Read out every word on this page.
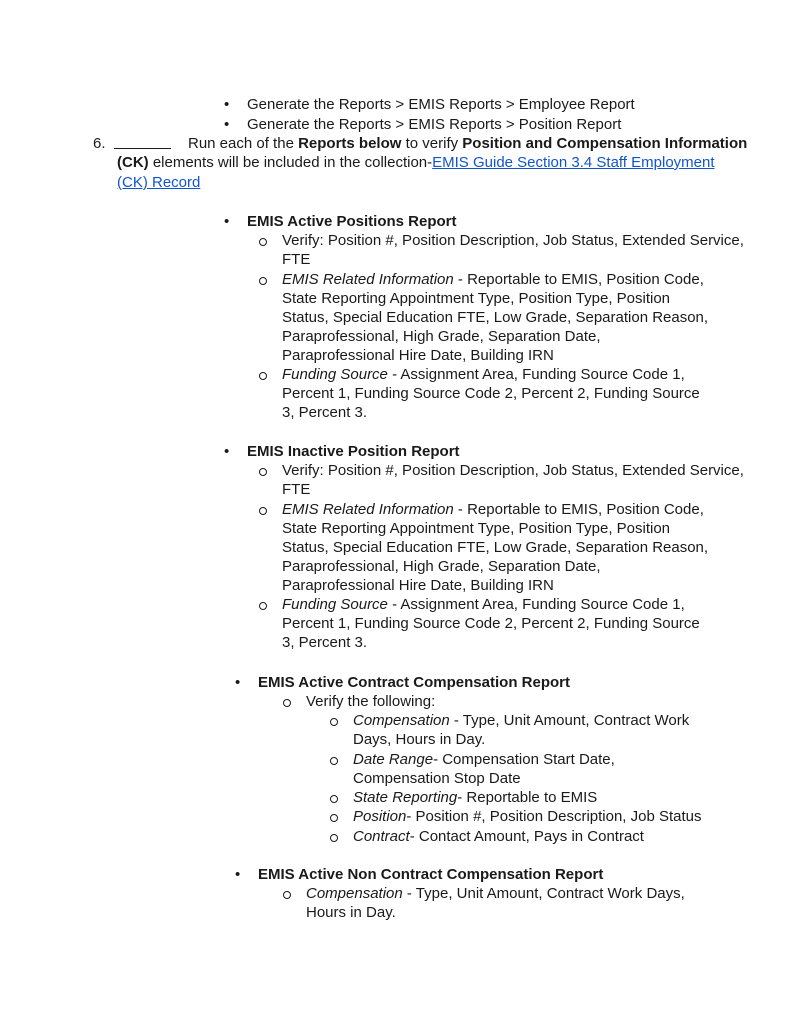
• Generate the Reports > EMIS Reports > Employee Report
• Generate the Reports > EMIS Reports > Position Report
6.	Run each of the Reports below to verify Position and Compensation Information
(CK) elements will be included in the collection-EMIS Guide Section 3.4 Staff Employment
(CK) Record
• EMIS Active Positions Report
Verify: Position #, Position Description, Job Status, Extended Service,
FTE
EMIS Related Information - Reportable to EMIS, Position Code,
State Reporting Appointment Type, Position Type, Position
Status, Special Education FTE, Low Grade, Separation Reason,
Paraprofessional, High Grade, Separation Date,
Paraprofessional Hire Date, Building IRN
Funding Source - Assignment Area, Funding Source Code 1,
Percent 1, Funding Source Code 2, Percent 2, Funding Source
3, Percent 3.
• EMIS Inactive Position Report
Verify: Position #, Position Description, Job Status, Extended Service,
FTE
EMIS Related Information - Reportable to EMIS, Position Code,
State Reporting Appointment Type, Position Type, Position
Status, Special Education FTE, Low Grade, Separation Reason,
Paraprofessional, High Grade, Separation Date,
Paraprofessional Hire Date, Building IRN
Funding Source - Assignment Area, Funding Source Code 1,
Percent 1, Funding Source Code 2, Percent 2, Funding Source
3, Percent 3.
• EMIS Active Contract Compensation Report
Verify the following:
Compensation - Type, Unit Amount, Contract Work
Days, Hours in Day.
Date Range- Compensation Start Date,
Compensation Stop Date
State Reporting- Reportable to EMIS
Position- Position #, Position Description, Job Status
Contract- Contact Amount, Pays in Contract
• EMIS Active Non Contract Compensation Report
Compensation - Type, Unit Amount, Contract Work Days,
Hours in Day.
